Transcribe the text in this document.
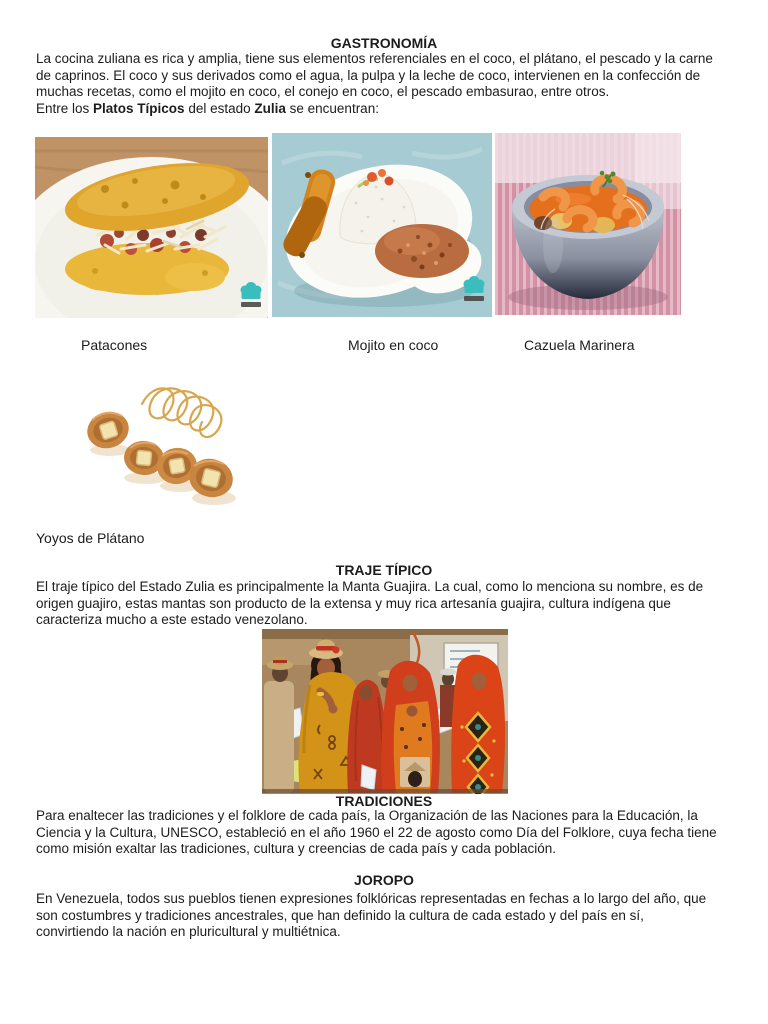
GASTRONOMÍA
La cocina zuliana es rica y amplia, tiene sus elementos referenciales en el coco, el plátano, el pescado y la carne
de caprinos. El coco y sus derivados como el agua, la pulpa y la leche de coco, intervienen en la confección de
muchas recetas, como el mojito en coco, el conejo en coco, el pescado embasurao, entre otros.
Entre los Platos Típicos del estado Zulia se encuentran:
Patacones	Mojito en coco	Cazuela Marinera
Yoyos de Plátano
TRAJE TÍPICO
El traje típico del Estado Zulia es principalmente la Manta Guajira. La cual, como lo menciona su nombre, es de
origen guajiro, estas mantas son producto de la extensa y muy rica artesanía guajira, cultura indígena que
caracteriza mucho a este estado venezolano.
TRADICIONES
Para enaltecer las tradiciones y el folklore de cada país, la Organización de las Naciones para la Educación, la
Ciencia y la Cultura, UNESCO, estableció en el año 1960 el 22 de agosto como Día del Folklore, cuya fecha tiene
como misión exaltar las tradiciones, cultura y creencias de cada país y cada población.
JOROPO
En Venezuela, todos sus pueblos tienen expresiones folklóricas representadas en fechas a lo largo del año, que
son costumbres y tradiciones ancestrales, que han definido la cultura de cada estado y del país en sí,
convirtiendo la nación en pluricultural y multiétnica.
